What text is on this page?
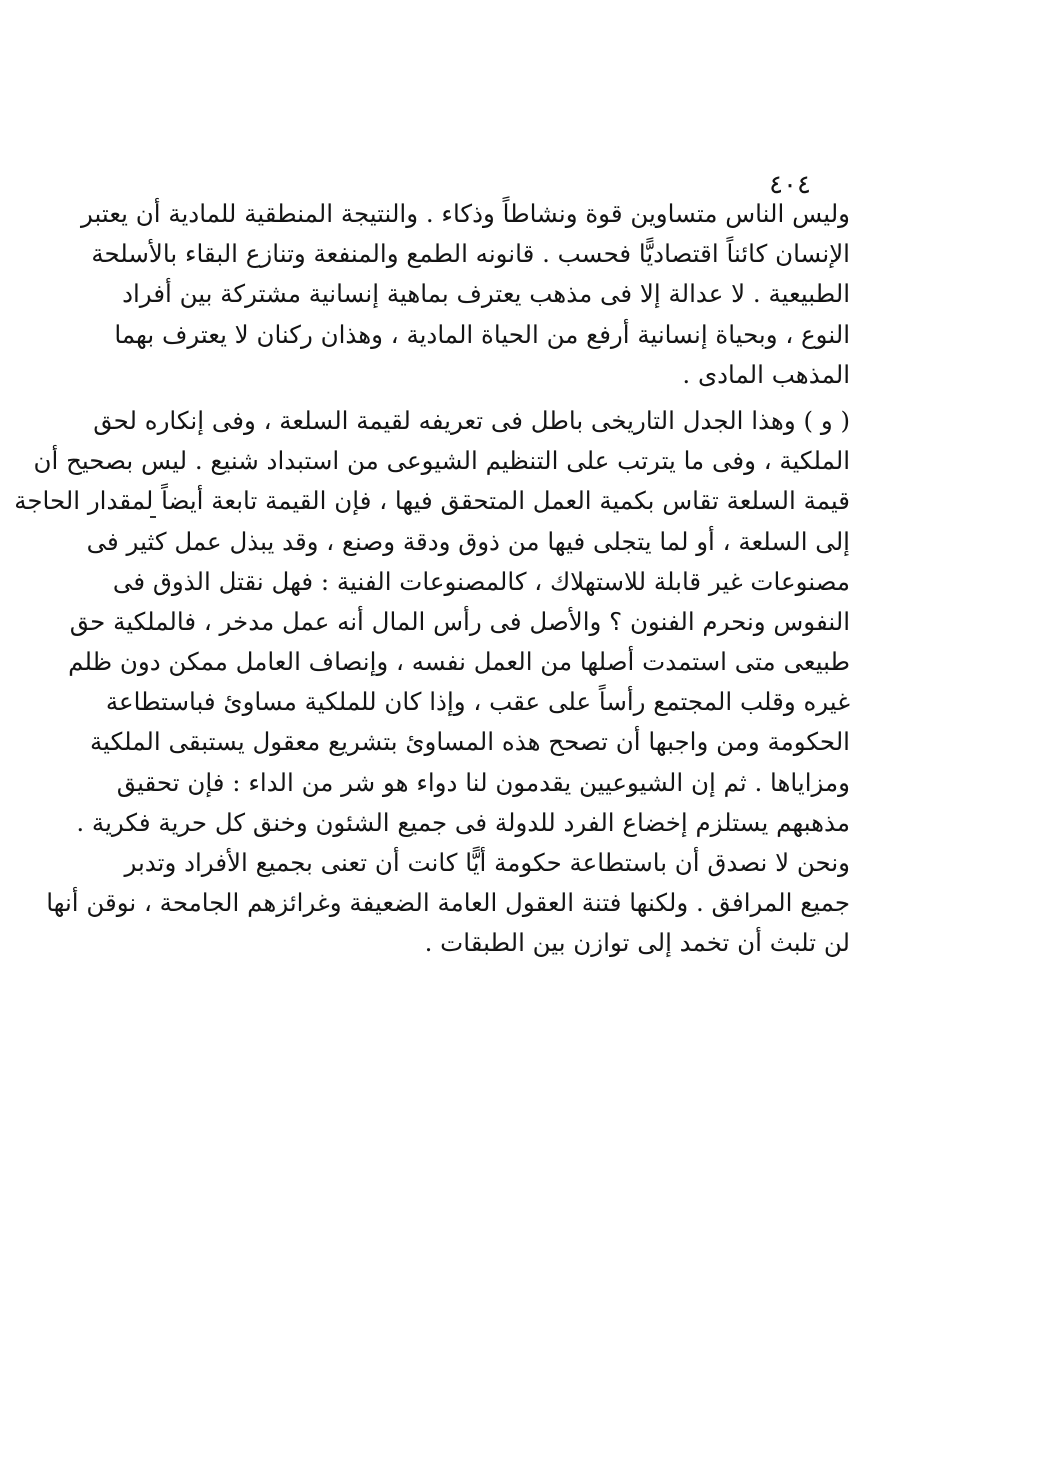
٤٠٤
وليس الناس متساوين قوة ونشاطاً وذكاء . والنتيجة المنطقية للمادية أن يعتبر
الإنسان كائناً اقتصاديًّا فحسب . قانونه الطمع والمنفعة وتنازع البقاء بالأسلحة
الطبيعية . لا عدالة إلا فى مذهب يعترف بماهية إنسانية مشتركة بين أفراد
النوع ، وبحياة إنسانية أرفع من الحياة المادية ، وهذان ركنان لا يعترف بهما
المذهب المادى .
( و ) وهذا الجدل التاريخى باطل فى تعريفه لقيمة السلعة ، وفى إنكاره لحق
الملكية ، وفى ما يترتب على التنظيم الشيوعى من استبداد شنيع . ليس بصحيح أن
قيمة السلعة تقاس بكمية العمل المتحقق فيها ، فإن القيمة تابعة أيضاً لمقدار الحاجة
إلى السلعة ، أو لما يتجلى فيها من ذوق ودقة وصنع ، وقد يبذل عمل كثير فى
مصنوعات غير قابلة للاستهلاك ، كالمصنوعات الفنية : فهل نقتل الذوق فى
النفوس ونحرم الفنون ؟ والأصل فى رأس المال أنه عمل مدخر ، فالملكية حق
طبيعى متى استمدت أصلها من العمل نفسه ، وإنصاف العامل ممكن دون ظلم
غيره وقلب المجتمع رأساً على عقب ، وإذا كان للملكية مساوئ فباستطاعة
الحكومة ومن واجبها أن تصحح هذه المساوئ بتشريع معقول يستبقى الملكية
ومزاياها . ثم إن الشيوعيين يقدمون لنا دواء هو شر من الداء : فإن تحقيق
مذهبهم يستلزم إخضاع الفرد للدولة فى جميع الشئون وخنق كل حرية فكرية .
ونحن لا نصدق أن باستطاعة حكومة أيًّا كانت أن تعنى بجميع الأفراد وتدبر
جميع المرافق . ولكنها فتنة العقول العامة الضعيفة وغرائزهم الجامحة ، نوقن أنها
لن تلبث أن تخمد إلى توازن بين الطبقات .
